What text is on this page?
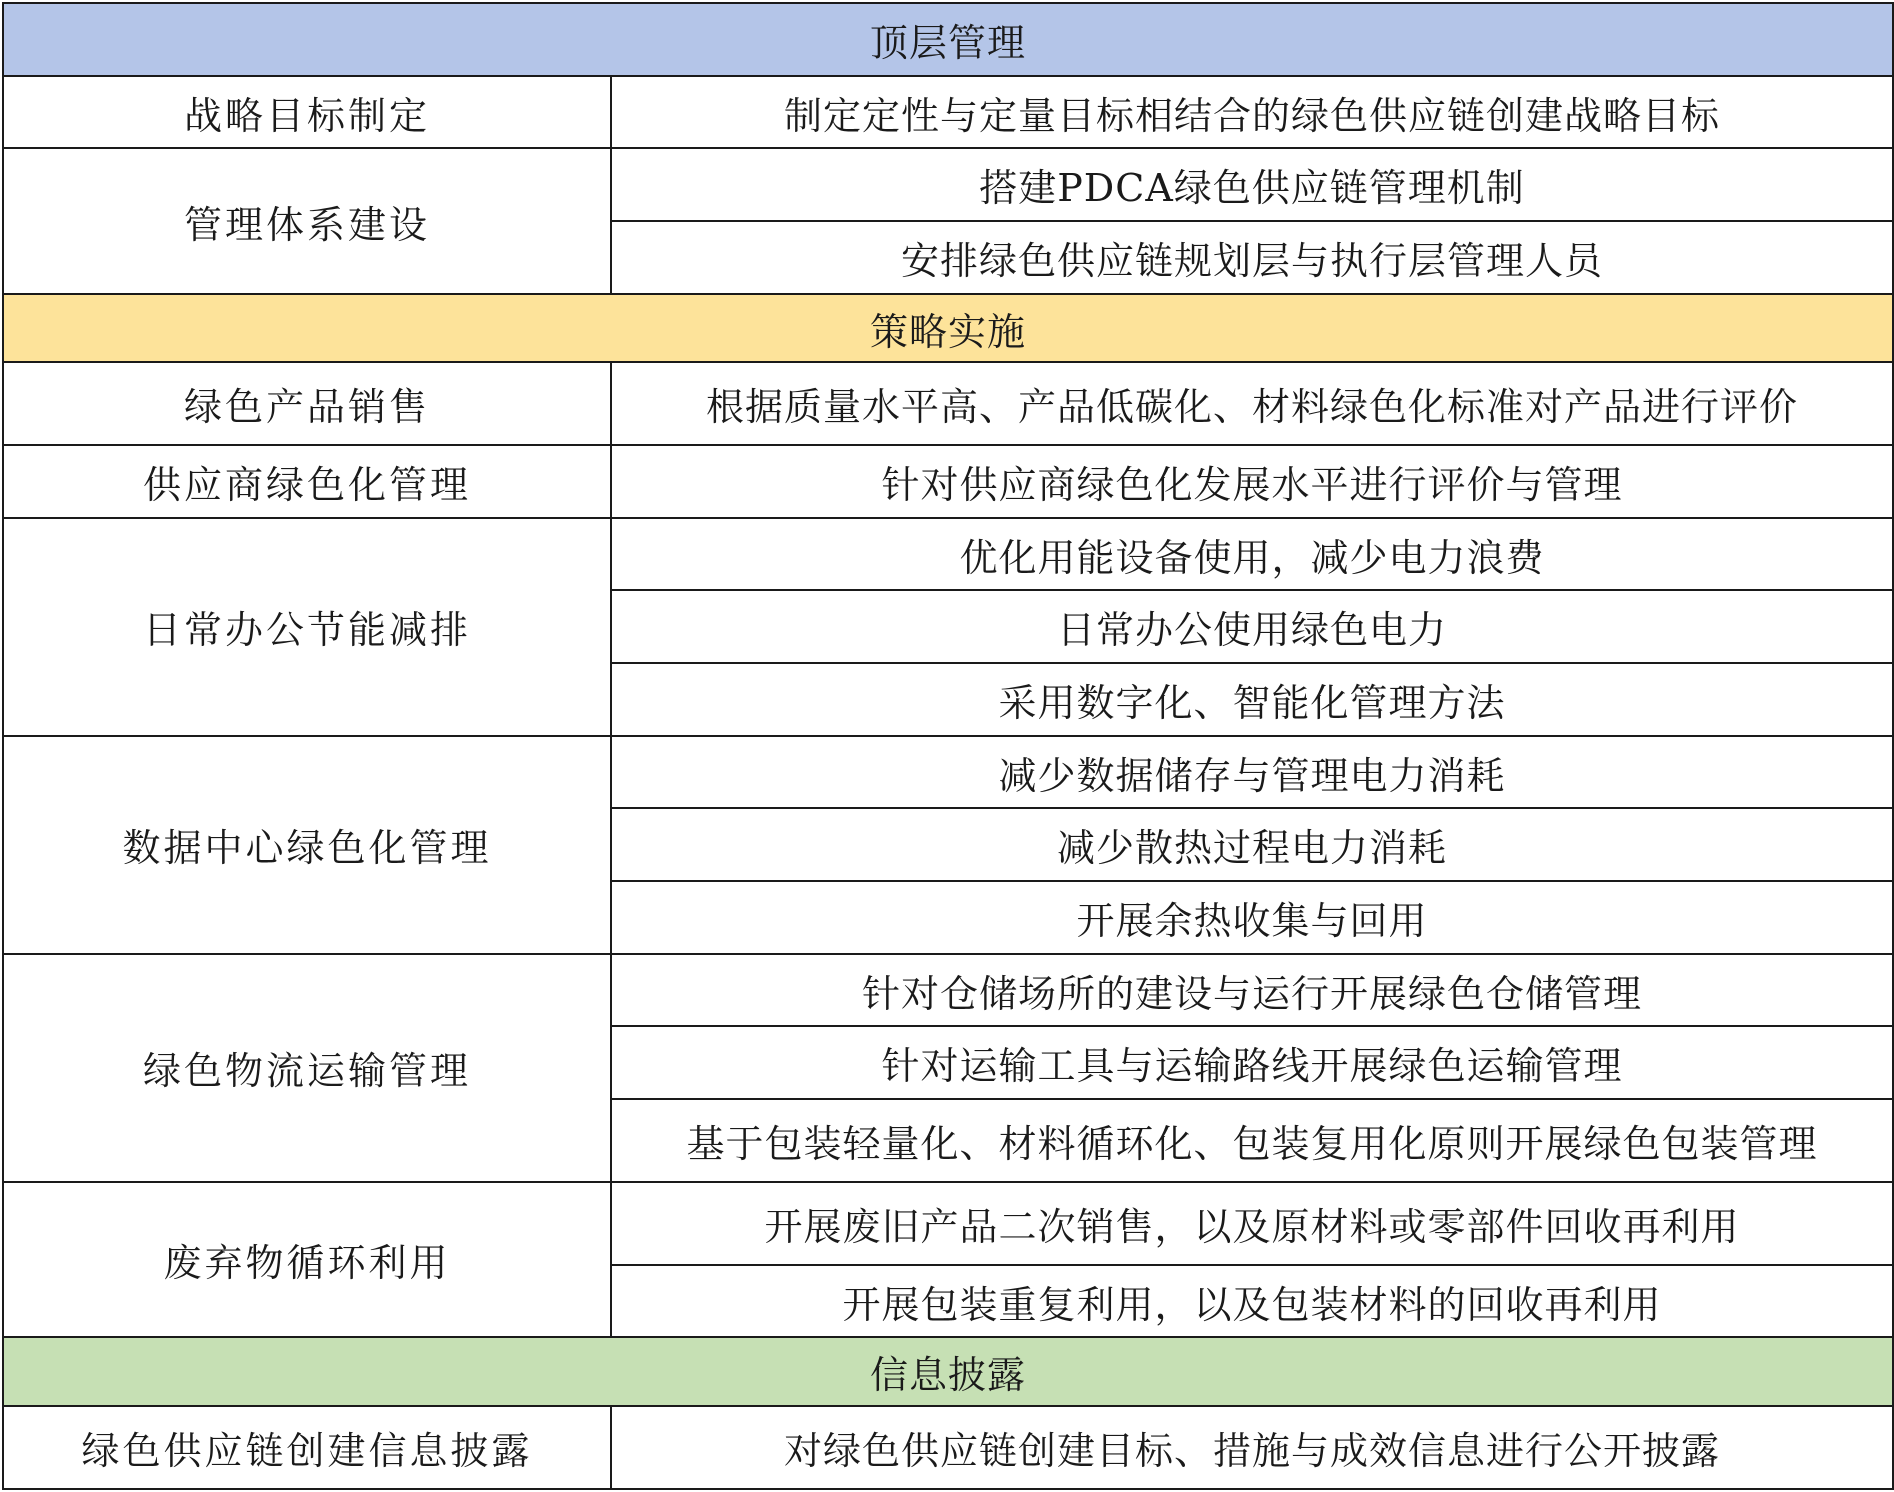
顶层管理	
战略目标制定	制定定性与定量目标相结合的绿色供应链创建战略目标
管理体系建设	搭建PDCA绿色供应链管理机制
	安排绿色供应链规划层与执行层管理人员
策略实施	
绿色产品销售	根据质量水平高、产品低碳化、材料绿色化标准对产品进行评价
供应商绿色化管理	针对供应商绿色化发展水平进行评价与管理
日常办公节能减排	优化用能设备使用，减少电力浪费
	日常办公使用绿色电力
	采用数字化、智能化管理方法
数据中心绿色化管理	减少数据储存与管理电力消耗
	减少散热过程电力消耗
	开展余热收集与回用
绿色物流运输管理	针对仓储场所的建设与运行开展绿色仓储管理
	针对运输工具与运输路线开展绿色运输管理
	基于包装轻量化、材料循环化、包装复用化原则开展绿色包装管理
废弃物循环利用	开展废旧产品二次销售，以及原材料或零部件回收再利用
	开展包装重复利用，以及包装材料的回收再利用
信息披露	
绿色供应链创建信息披露	对绿色供应链创建目标、措施与成效信息进行公开披露
